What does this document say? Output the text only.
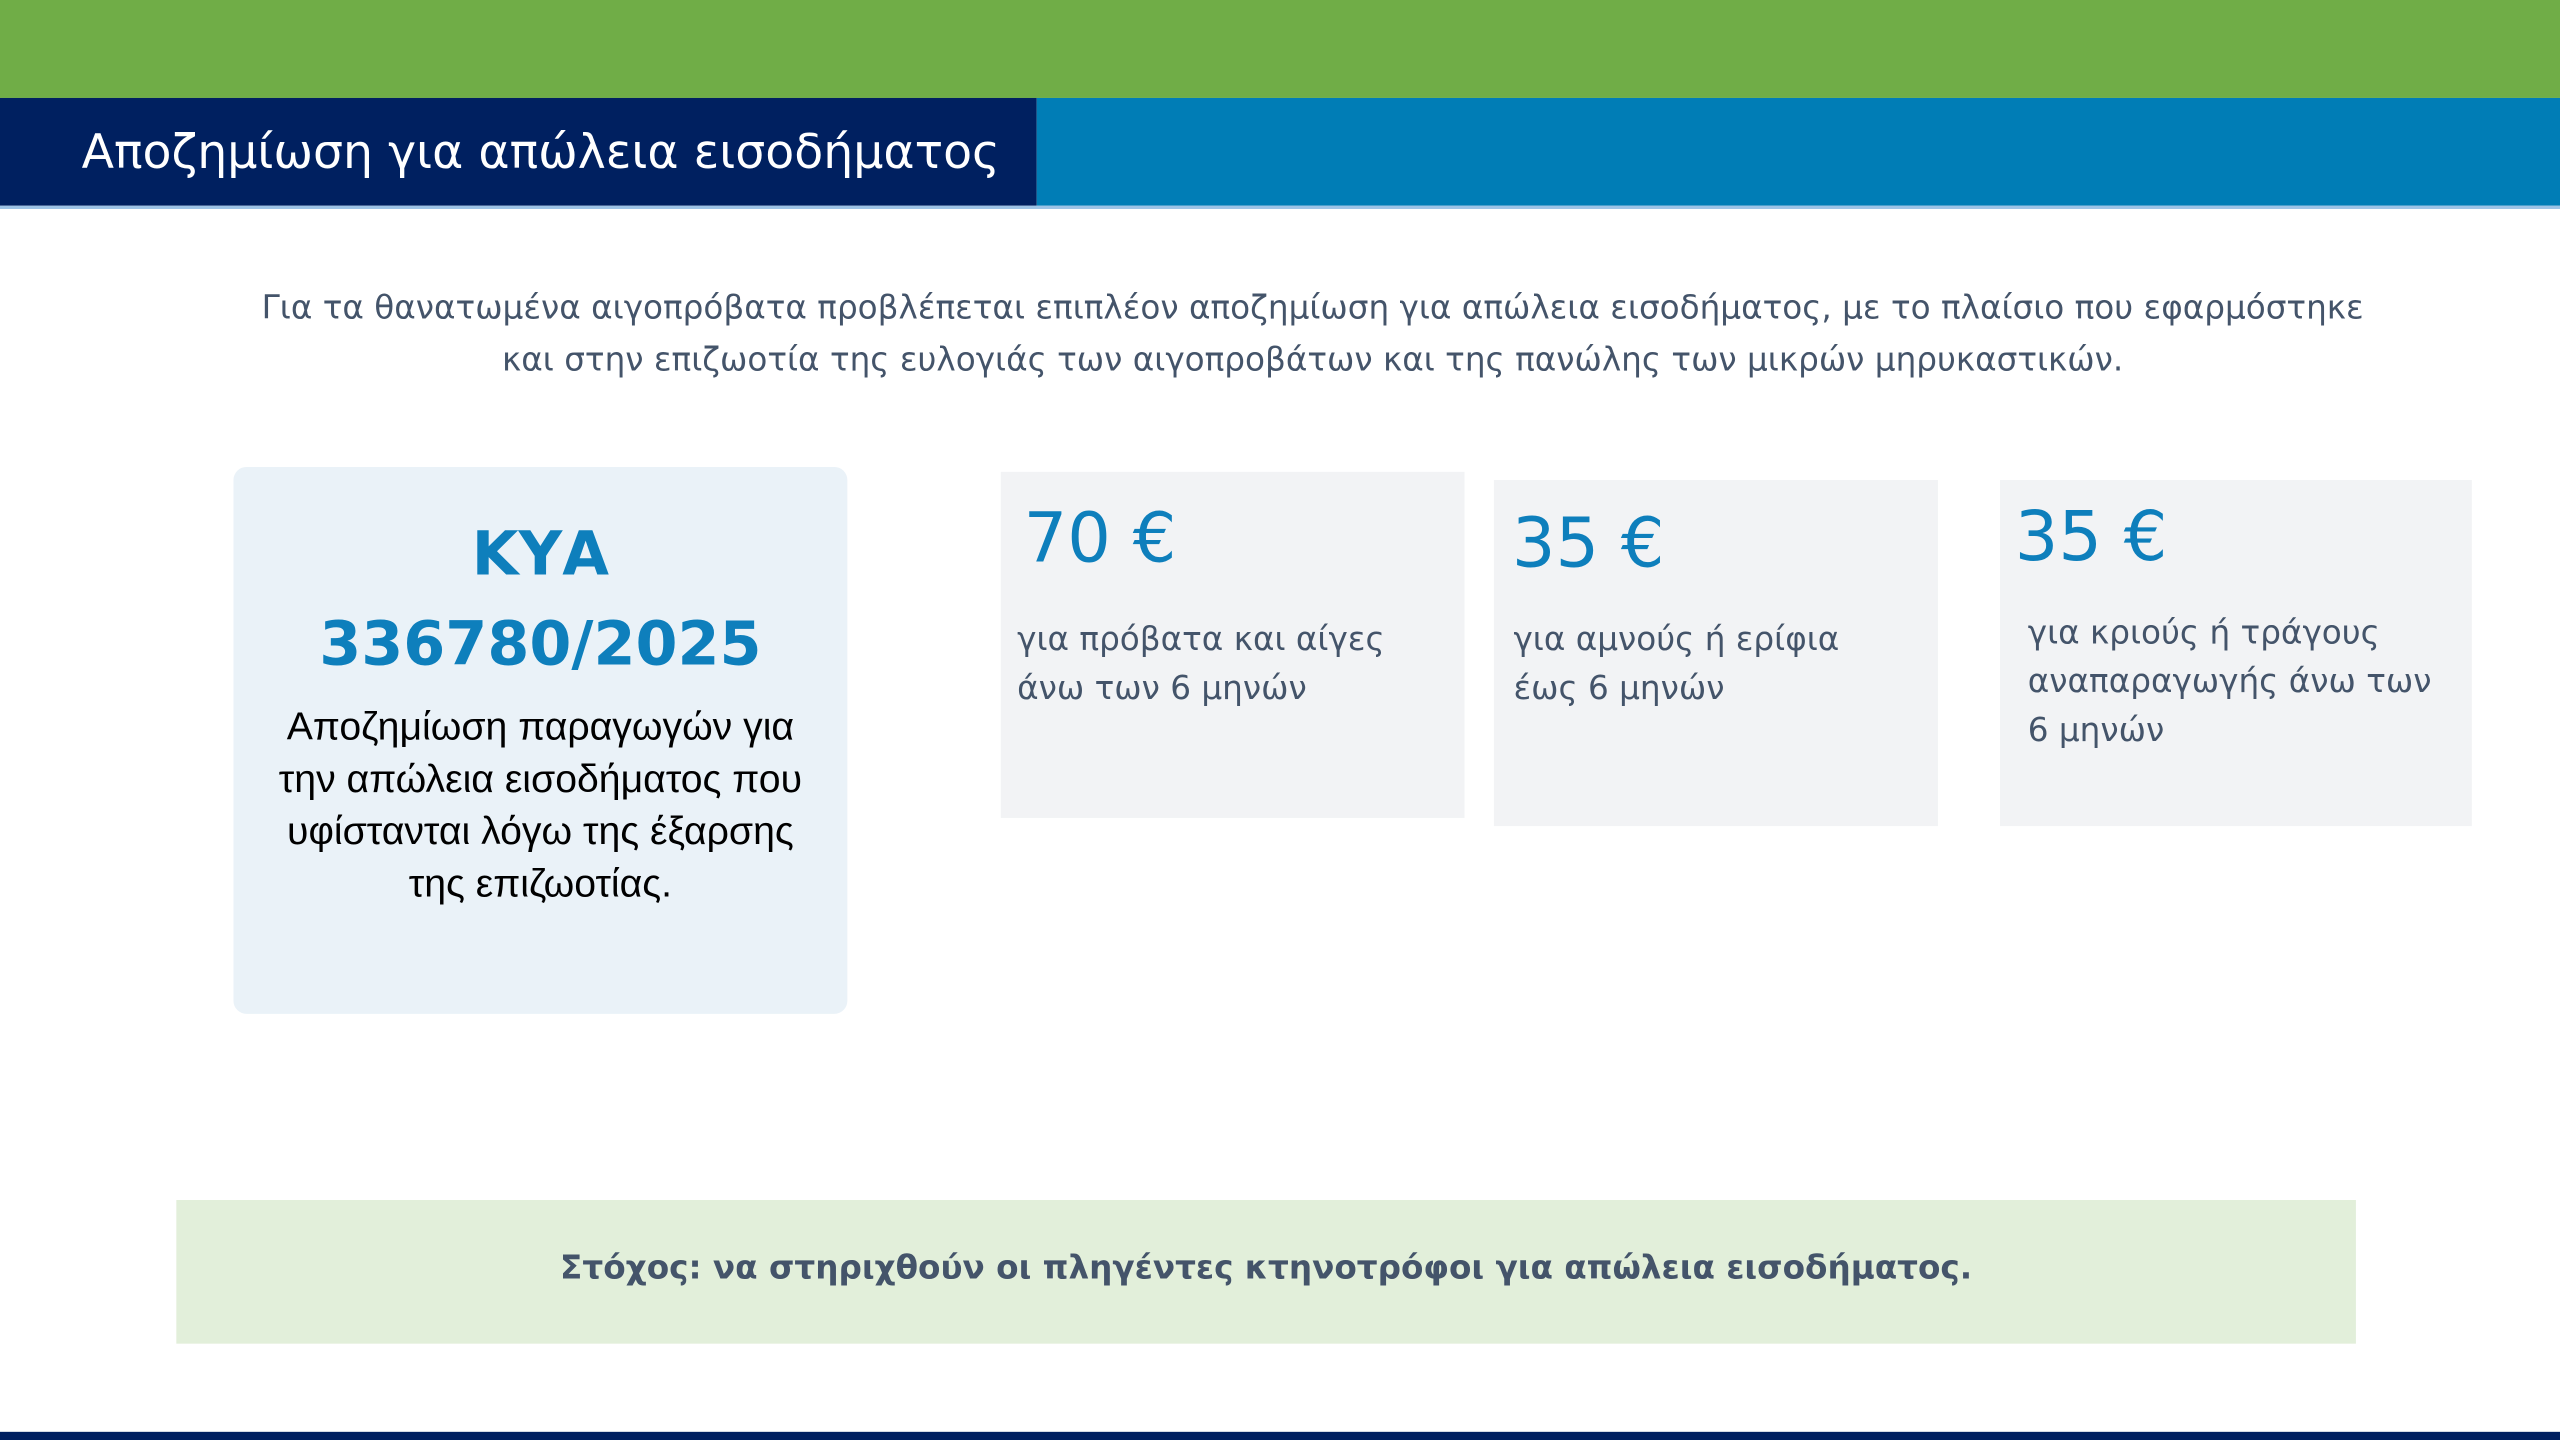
Αποζημίωση για απώλεια εισοδήματος
Για τα θανατωμένα αιγοπρόβατα προβλέπεται επιπλέον αποζημίωση για απώλεια εισοδήματος, με το πλαίσιο που εφαρμόστηκε
και στην επιζωοτία της ευλογιάς των αιγοπροβάτων και της πανώλης των μικρών μηρυκαστικών.
ΚΥΑ
336780/2025
Αποζημίωση παραγωγών για την απώλεια εισοδήματος που υφίστανται λόγω της έξαρσης της επιζωοτίας.
70 €
για πρόβατα και αίγες
άνω των 6 μηνών
35 €
για αμνούς ή ερίφια
έως 6 μηνών
35 €
για κριούς ή τράγους
αναπαραγωγής άνω των
6 μηνών
Στόχος: να στηριχθούν οι πληγέντες κτηνοτρόφοι για απώλεια εισοδήματος.
